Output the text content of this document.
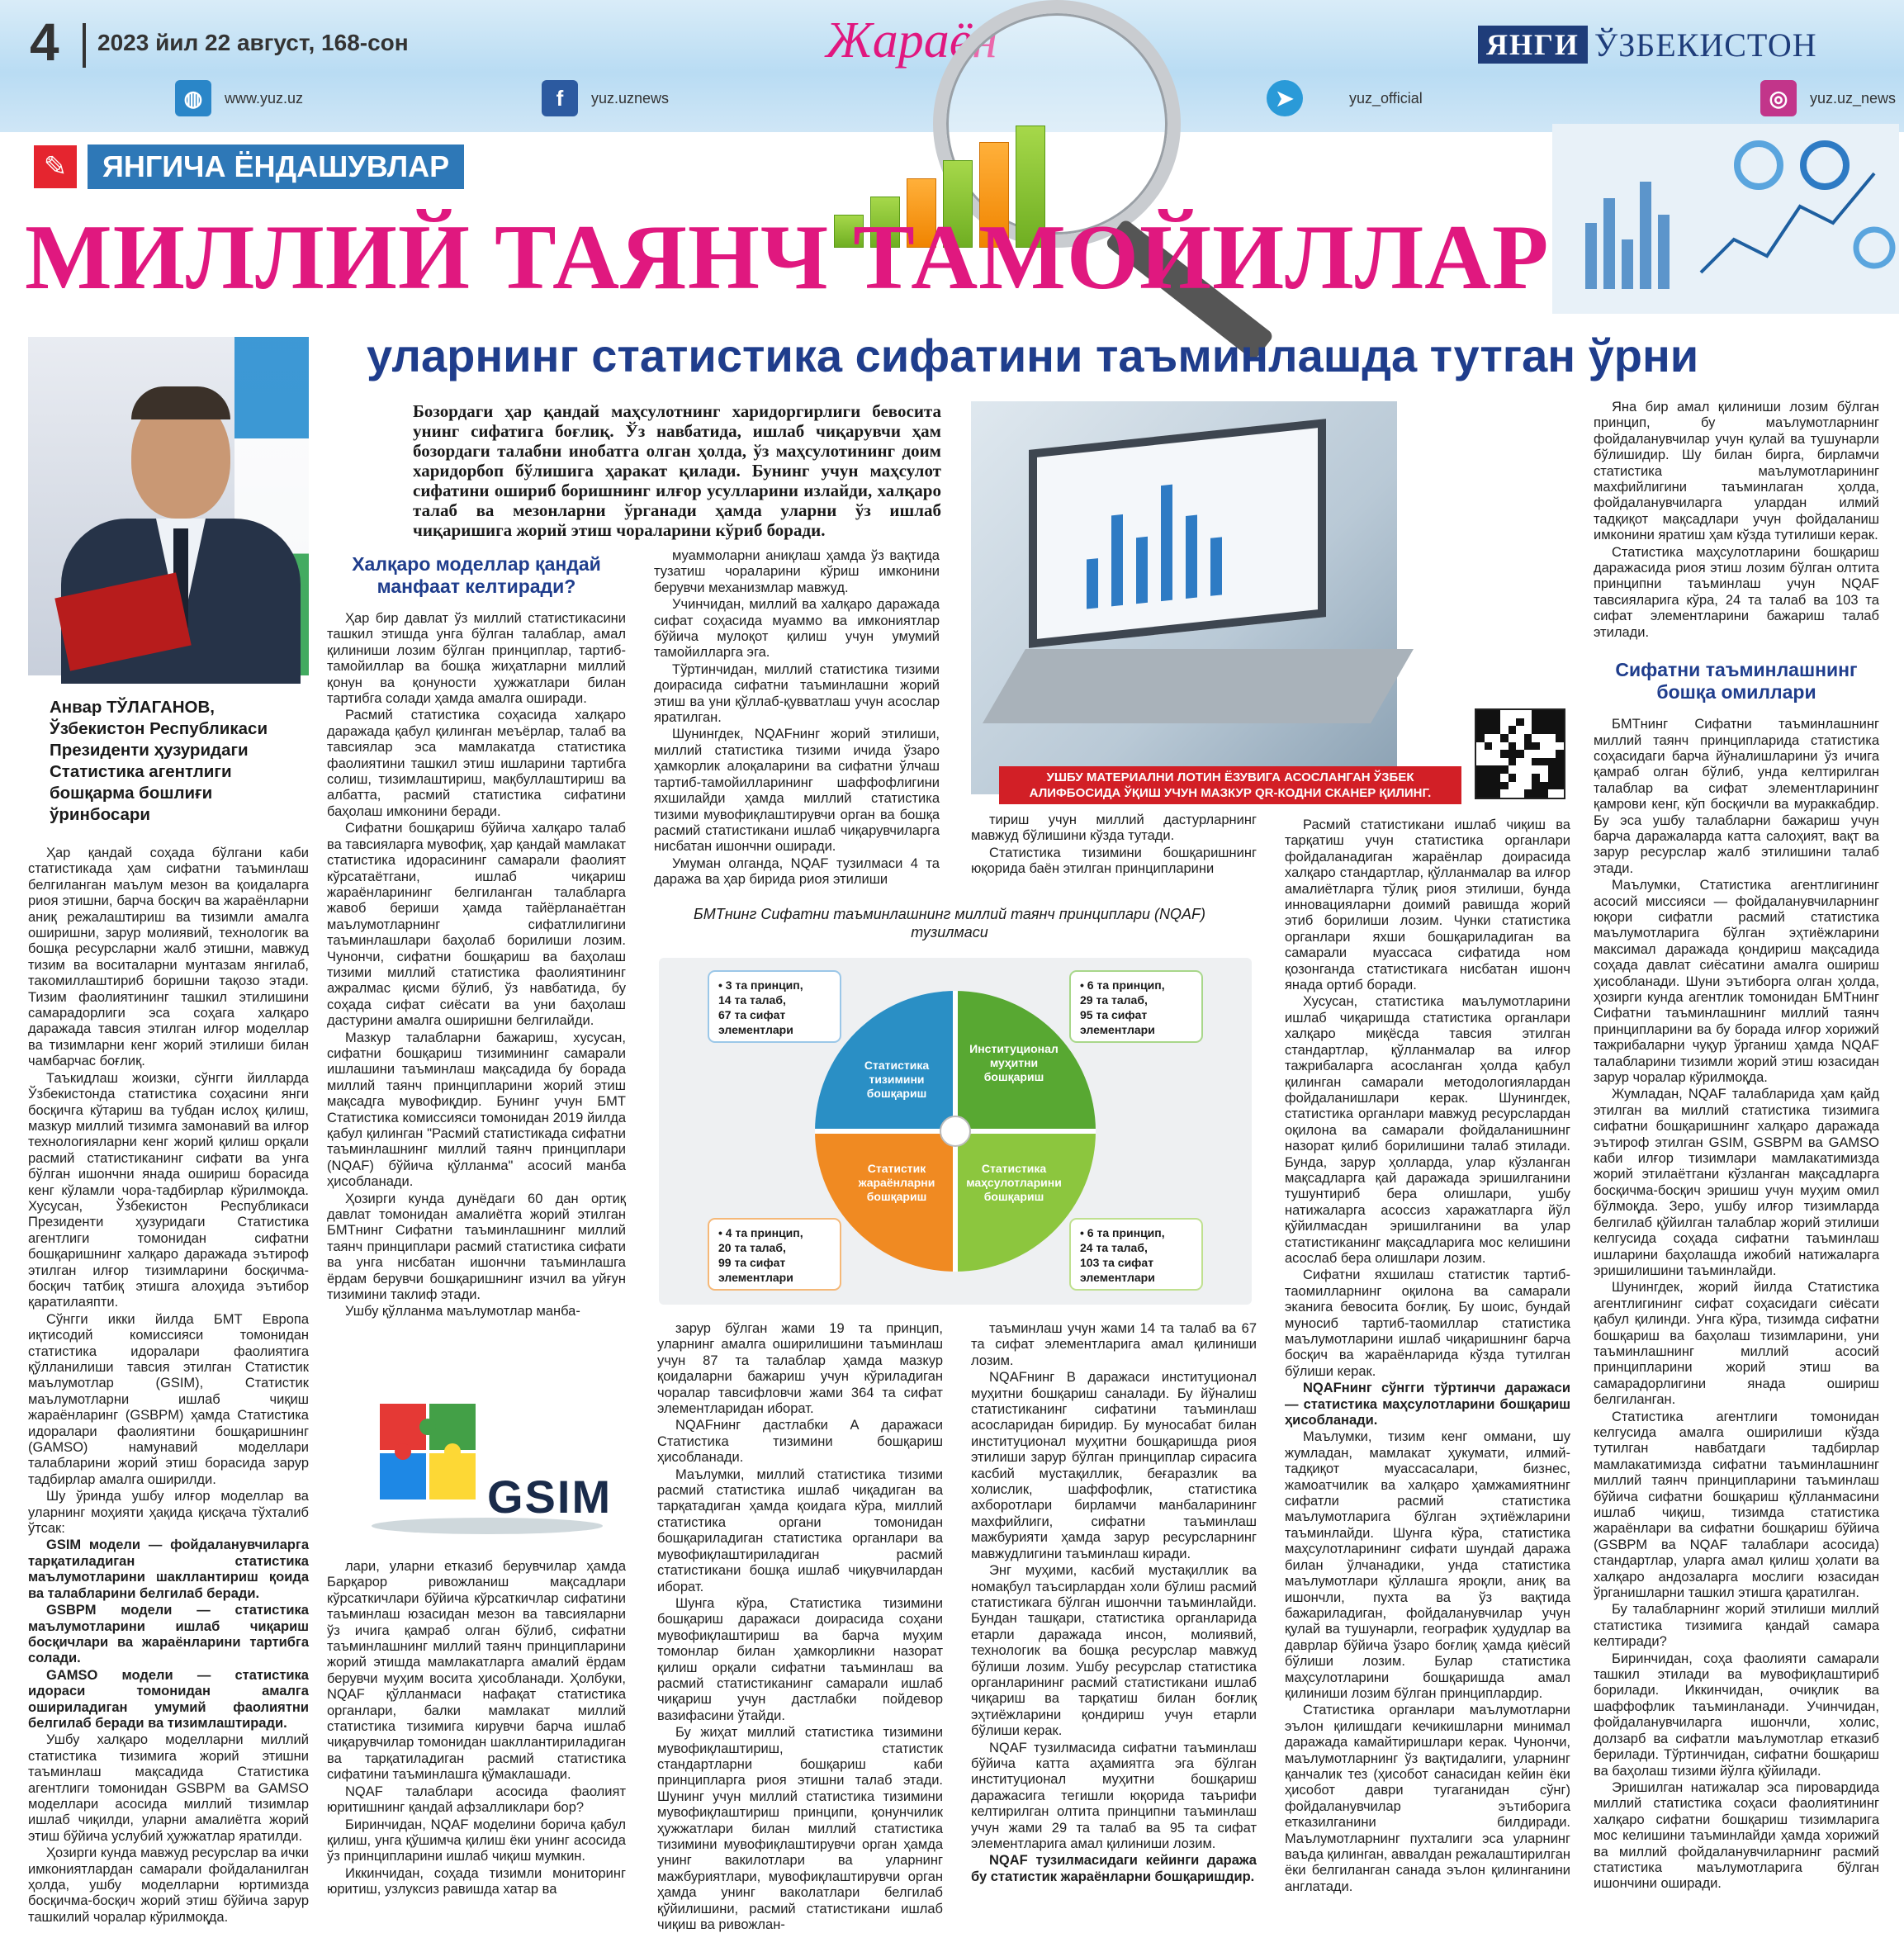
4 2023 йил 22 август, 168-сон	Жараён	ЯНГИ ЎЗБЕКИСТОН
◍	www.yuz.uz	f	yuz.uznews	➤	yuz_official	◎	yuz.uz_news
✎	ЯНГИЧА ЁНДАШУВЛАР
МИЛЛИЙ ТАЯНЧ ТАМОЙИЛЛАР
уларнинг статистика сифатини таъминлашда тутган ўрни
Анвар ТЎЛАГАНОВ, Ўзбекистон Республикаси Президенти ҳузуридаги Статистика агентлиги бошқарма бошлиғи ўринбосари
Бозордаги ҳар қандай маҳсулотнинг харидоргирлиги бевосита унинг сифатига боғлиқ. Ўз навбатида, ишлаб чиқарувчи ҳам бозордаги талабни инобатга олган ҳолда, ўз маҳсулотининг доим харидорбоп бўлишига ҳаракат қилади. Бунинг учун маҳсулот сифатини ошириб боришнинг илғор усулларини излайди, халқаро талаб ва мезонларни ўрганади ҳамда уларни ўз ишлаб чиқаришига жорий этиш чораларини кўриб боради.
УШБУ МАТЕРИАЛНИ ЛОТИН ЁЗУВИГА АСОСЛАНГАН ЎЗБЕК АЛИФБОСИДА ЎҚИШ УЧУН МАЗКУР QR-КОДНИ СКАНЕР ҚИЛИНГ.

Ҳар қандай соҳада бўлгани каби статистикада ҳам сифатни таъминлаш белгиланган маълум мезон ва қоидаларга риоя этишни, барча босқич ва жараёнларни аниқ режалаштириш ва тизимли амалга оширишни, зарур молиявий, технологик ва бошқа ресурсларни жалб этишни, мавжуд тизим ва воситаларни мунтазам янгилаб, такомиллаштириб боришни тақозо этади. Тизим фаолиятининг ташкил этилишини самарадорлиги эса соҳага халқаро даражада тавсия этилган илғор моделлар ва тизимларни кенг жорий этилиши билан чамбарчас боғлиқ.

Таъкидлаш жоизки, сўнгги йилларда Ўзбекистонда статистика соҳасини янги босқичга кўтариш ва тубдан ислоҳ қилиш, мазкур миллий тизимга замонавий ва илғор технологияларни кенг жорий қилиш орқали расмий статистиканинг сифати ва унга бўлган ишончни янада ошириш борасида кенг кўламли чора-тадбирлар кўрилмоқда. Хусусан, Ўзбекистон Республикаси Президенти ҳузуридаги Статистика агентлиги томонидан сифатни бошқаришнинг халқаро даражада эътироф этилган илғор тизимларини босқичма-босқич татбиқ этишга алоҳида эътибор қаратилаяпти.

Сўнгги икки йилда БМТ Европа иқтисодий комиссияси томонидан статистика идоралари фаолиятига қўлланилиши тавсия этилган Статистик маълумотлар (GSIM), Статистик маълумотларни ишлаб чиқиш жараёнларинг (GSBPM) ҳамда Статистика идоралари фаолиятини бошқаришнинг (GAMSO) намунавий моделлари талабларини жорий этиш борасида зарур тадбирлар амалга оширилди.

Шу ўринда ушбу илғор моделлар ва уларнинг моҳияти ҳақида қисқача тўхталиб ўтсак:

GSIM модели — фойдаланувчиларга тарқатиладиган статистика маълумотларини шакллантириш қоида ва талабларини белгилаб беради.

GSBPM модели — статистика маълумотларини ишлаб чиқариш босқичлари ва жараёнларини тартибга солади.

GAMSO модели — статистика идораси томонидан амалга ошириладиган умумий фаолиятни белгилаб беради ва тизимлаштиради.

Ушбу халқаро моделларни миллий статистика тизимига жорий этишни таъминлаш мақсадида Статистика агентлиги томонидан GSBPM ва GAMSO моделлари асосида миллий тизимлар ишлаб чиқилди, уларни амалиётга жорий этиш бўйича услубий ҳужжатлар яратилди.

Ҳозирги кунда мавжуд ресурслар ва ички имкониятлардан самарали фойдаланилган ҳолда, ушбу моделларни юртимизда босқичма-босқич жорий этиш бўйича зарур ташкилий чоралар кўрилмоқда.

Халқаро моделлар қандай манфаат келтиради?

Ҳар бир давлат ўз миллий статистикасини ташкил этишда унга бўлган талаблар, амал қилиниши лозим бўлган принциплар, тартиб-тамойиллар ва бошқа жиҳатларни миллий қонун ва қонуности ҳужжатлари билан тартибга солади ҳамда амалга оширади.

Расмий статистика соҳасида халқаро даражада қабул қилинган меъёрлар, талаб ва тавсиялар эса мамлакатда статистика фаолиятини ташкил этиш ишларини тартибга солиш, тизимлаштириш, мақбуллаштириш ва албатта, расмий статистика сифатини баҳолаш имконини беради.

Сифатни бошқариш бўйича халқаро талаб ва тавсияларга мувофиқ, ҳар қандай мамлакат статистика идорасининг самарали фаолият кўрсатаётгани, ишлаб чиқариш жараёнларининг белгиланган талабларга жавоб бериши ҳамда тайёрланаётган маълумотларнинг сифатлилигини таъминлашлари баҳолаб борилиши лозим. Чунончи, сифатни бошқариш ва баҳолаш тизими миллий статистика фаолиятининг ажралмас қисми бўлиб, ўз навбатида, бу соҳада сифат сиёсати ва уни баҳолаш дастурини амалга оширишни белгилайди.

Мазкур талабларни бажариш, хусусан, сифатни бошқариш тизимининг самарали ишлашини таъминлаш мақсадида бу борада миллий таянч принципларини жорий этиш мақсадга мувофиқдир. Бунинг учун БМТ Статистика комиссияси томонидан 2019 йилда қабул қилинган "Расмий статистикада сифатни таъминлашнинг миллий таянч принциплари (NQAF) бўйича қўлланма" асосий манба ҳисобланади.

Ҳозирги кунда дунёдаги 60 дан ортиқ давлат томонидан амалиётга жорий этилган БМТнинг Сифатни таъминлашнинг миллий таянч принциплари расмий статистика сифати ва унга нисбатан ишончни таъминлашга ёрдам берувчи бошқаришнинг изчил ва уйғун тизимини таклиф этади.

Ушбу қўлланма маълумотлар манба-

GSIM

лари, уларни етказиб берувчилар ҳамда Барқарор ривожланиш мақсадлари кўрсаткичлари бўйича кўрсаткичлар сифатини таъминлаш юзасидан мезон ва тавсияларни ўз ичига қамраб олган бўлиб, сифатни таъминлашнинг миллий таянч принципларини жорий этишда мамлакатларга амалий ёрдам берувчи муҳим восита ҳисобланади. Ҳолбуки, NQAF қўлланмаси нафақат статистика органлари, балки мамлакат миллий статистика тизимига кирувчи барча ишлаб чиқарувчилар томонидан шакллантириладиган ва тарқатиладиган расмий статистика сифатини таъминлашга қўмаклашади.

NQAF талаблари асосида фаолият юритишнинг қандай афзалликлари бор?

Биринчидан, NQAF моделини борича қабул қилиш, унга қўшимча қилиш ёки унинг асосида ўз принципларини ишлаб чиқиш мумкин.

Иккинчидан, соҳада тизимли мониторинг юритиш, узлуксиз равишда хатар ва

муаммоларни аниқлаш ҳамда ўз вақтида тузатиш чораларини кўриш имконини берувчи механизмлар мавжуд.

Учинчидан, миллий ва халқаро даражада сифат соҳасида муаммо ва имкониятлар бўйича мулоқот қилиш учун умумий тамойилларга эга.

Тўртинчидан, миллий статистика тизими доирасида сифатни таъминлашни жорий этиш ва уни қўллаб-қувватлаш учун асослар яратилган.

Шунингдек, NQAFнинг жорий этилиши, миллий статистика тизими ичида ўзаро ҳамкорлик алоқаларини ва сифатни ўлчаш тартиб-тамойилларининг шаффофлигини яхшилайди ҳамда миллий статистика тизими мувофиқлаштирувчи орган ва бошқа расмий статистикани ишлаб чиқарувчиларга нисбатан ишончни оширади.

Умуман олганда, NQAF тузилмаси 4 та даража ва ҳар бирида риоя этилиши

тириш учун миллий дастурларнинг мавжуд бўлишини кўзда тутади.

Статистика тизимини бошқаришнинг юқорида баён этилган принципларини

БМТнинг Сифатни таъминлашнинг миллий таянч принциплари (NQAF) тузилмаси
Статистика тизимини бошқариш
Институционал муҳитни бошқариш
Статистик жараёнларни бошқариш
Статистика маҳсулотларини бошқариш
• 3 та принцип, 14 та талаб, 67 та сифат элементлари
• 6 та принцип, 29 та талаб, 95 та сифат элементлари
• 4 та принцип, 20 та талаб, 99 та сифат элементлари
• 6 та принцип, 24 та талаб, 103 та сифат элементлари

зарур бўлган жами 19 та принцип, уларнинг амалга оширилишини таъминлаш учун 87 та талаблар ҳамда мазкур қоидаларни бажариш учун кўриладиган чоралар тавсифловчи жами 364 та сифат элементларидан иборат.

NQAFнинг дастлабки А даражаси Статистика тизимини бошқариш ҳисобланади.

Маълумки, миллий статистика тизими расмий статистика ишлаб чиқадиган ва тарқатадиган ҳамда қоидага кўра, миллий статистика органи томонидан бошқариладиган статистика органлари ва мувофиқлаштириладиган расмий статистикани бошқа ишлаб чиқувчилардан иборат.

Шунга кўра, Статистика тизимини бошқариш даражаси доирасида соҳани мувофиқлаштириш ва барча муҳим томонлар билан ҳамкорликни назорат қилиш орқали сифатни таъминлаш ва расмий статистиканинг самарали ишлаб чиқариш учун дастлабки пойдевор вазифасини ўтайди.

Бу жиҳат миллий статистика тизимини мувофиқлаштириш, статистик стандартларни бошқариш каби принципларга риоя этишни талаб этади. Шунинг учун миллий статистика тизимини мувофиқлаштириш принципи, қонунчилик ҳужжатлари билан миллий статистика тизимини мувофиқлаштирувчи орган ҳамда унинг вакилотлари ва уларнинг мажбуриятлари, мувофиқлаштирувчи орган ҳамда унинг ваколатлари белгилаб қўйилишини, расмий статистикани ишлаб чиқиш ва ривожлан-

таъминлаш учун жами 14 та талаб ва 67 та сифат элементларига амал қилиниши лозим.

NQAFнинг В даражаси институционал муҳитни бошқариш саналади. Бу йўналиш статистиканинг сифатини таъминлаш асосларидан биридир. Бу муносабат билан институционал муҳитни бошқаришда риоя этилиши зарур бўлган принциплар сирасига касбий мустақиллик, беғаразлик ва холислик, шаффофлик, статистика ахборотлари бирламчи манбаларининг махфийлиги, сифатни таъминлаш мажбурияти ҳамда зарур ресурсларнинг мавжудлигини таъминлаш киради.

Энг муҳими, касбий мустақиллик ва номақбул таъсирлардан холи бўлиш расмий статистикага бўлган ишончни таъминлайди. Бундан ташқари, статистика органларида етарли даражада инсон, молиявий, технологик ва бошқа ресурслар мавжуд бўлиши лозим. Ушбу ресурслар статистика органларининг расмий статистикани ишлаб чиқариш ва тарқатиш билан боғлиқ эҳтиёжларини қондириш учун етарли бўлиши керак.

NQAF тузилмасида сифатни таъминлаш бўйича катта аҳамиятга эга бўлган институционал муҳитни бошқариш даражасига тегишли юқорида таърифи келтирилган олтита принципни таъминлаш учун жами 29 та талаб ва 95 та сифат элементларига амал қилиниши лозим.

NQAF тузилмасидаги кейинги даража бу статистик жараёнларни бошқаришдир.

Расмий статистикани ишлаб чиқиш ва тарқатиш учун статистика органлари фойдаланадиган жараёнлар доирасида халқаро стандартлар, қўлланмалар ва илғор амалиётларга тўлиқ риоя этилиши, бунда инновацияларни доимий равишда жорий этиб борилиши лозим. Чунки статистика органлари яхши бошқариладиган ва самарали муассаса сифатида ном қозонганда статистикага нисбатан ишонч янада ортиб боради.

Хусусан, статистика маълумотларини ишлаб чиқаришда статистика органлари халқаро миқёсда тавсия этилган стандартлар, қўлланмалар ва илғор тажрибаларга асосланган ҳолда қабул қилинган самарали методологиялардан фойдаланишлари керак. Шунингдек, статистика органлари мавжуд ресурслардан оқилона ва самарали фойдаланишнинг назорат қилиб борилишини талаб этилади. Бунда, зарур ҳолларда, улар кўзланган мақсадларга қай даражада эришилганини тушунтириб бера олишлари, ушбу натижаларга асоссиз харажатларга йўл қўйилмасдан эришилганини ва улар статистиканинг мақсадларига мос келишини асослаб бера олишлари лозим.

Сифатни яхшилаш статистик тартиб-таомилларнинг оқилона ва самарали эканига бевосита боғлиқ. Бу шоис, бундай муносиб тартиб-таомиллар статистика маълумотларини ишлаб чиқаришнинг барча босқич ва жараёнларида кўзда тутилган бўлиши керак.

NQAFнинг сўнгги тўртинчи даражаси — статистика маҳсулотларини бошқариш ҳисобланади.

Маълумки, тизим кенг оммани, шу жумладан, мамлакат ҳукумати, илмий-тадқиқот муассасалари, бизнес, жамоатчилик ва халқаро ҳамжамиятнинг сифатли расмий статистика маълумотларига бўлган эҳтиёжларини таъминлайди. Шунга кўра, статистика маҳсулотларининг сифати шундай даража билан ўлчанадики, унда статистика маълумотлари қўллашга яроқли, аниқ ва ишончли, пухта ва ўз вақтида бажариладиган, фойдаланувчилар учун қулай ва тушунарли, географик ҳудудлар ва даврлар бўйича ўзаро боғлиқ ҳамда қиёсий бўлиши лозим. Булар статистика маҳсулотларини бошқаришда амал қилиниши лозим бўлган принциплардир.

Статистика органлари маълумотларни эълон қилишдаги кечикишларни минимал даражада камайтиришлари керак. Чунончи, маълумотларнинг ўз вақтидалиги, уларнинг қанчалик тез (ҳисобот санасидан кейин ёки ҳисобот даври тугаганидан сўнг) фойдаланувчилар эътиборига етказилганини билдиради. Маълумотларнинг пухталиги эса уларнинг ваъда қилинган, аввалдан режалаштирилган ёки белгиланган санада эълон қилинганини англатади.

Яна бир амал қилиниши лозим бўлган принцип, бу маълумотларнинг фойдаланувчилар учун қулай ва тушунарли бўлишидир. Шу билан бирга, бирламчи статистика маълумотларининг махфийлигини таъминлаган ҳолда, фойдаланувчиларга улардан илмий тадқиқот мақсадлари учун фойдаланиш имконини яратиш ҳам кўзда тутилиши керак.

Статистика маҳсулотларини бошқариш даражасида риоя этиш лозим бўлган олтита принципни таъминлаш учун NQAF тавсияларига кўра, 24 та талаб ва 103 та сифат элементларини бажариш талаб этилади.

Сифатни таъминлашнинг бошқа омиллари

БМТнинг Сифатни таъминлашнинг миллий таянч принципларида статистика соҳасидаги барча йўналишларини ўз ичига қамраб олган бўлиб, унда келтирилган талаблар ва сифат элементларининг қамрови кенг, кўп босқичли ва мураккабдир. Бу эса ушбу талабларни бажариш учун барча даражаларда катта салоҳият, вақт ва зарур ресурслар жалб этилишини талаб этади.

Маълумки, Статистика агентлигининг асосий миссияси — фойдаланувчиларнинг юқори сифатли расмий статистика маълумотларига бўлган эҳтиёжларини максимал даражада қондириш мақсадида соҳада давлат сиёсатини амалга ошириш ҳисобланади. Шуни эътиборга олган ҳолда, ҳозирги кунда агентлик томонидан БМТнинг Сифатни таъминлашнинг миллий таянч принципларини ва бу борада илғор хорижий тажрибаларни чуқур ўрганиш ҳамда NQAF талабларини тизимли жорий этиш юзасидан зарур чоралар кўрилмоқда.

Жумладан, NQAF талабларида ҳам қайд этилган ва миллий статистика тизимига сифатни бошқаришнинг халқаро даражада эътироф этилган GSIM, GSBPM ва GAMSO каби илғор тизимлари мамлакатимизда жорий этилаётгани кўзланган мақсадларга босқичма-босқич эришиш учун муҳим омил бўлмоқда. Зеро, ушбу илғор тизимларда белгилаб қўйилган талаблар жорий этилиши келгусида соҳада сифатни таъминлаш ишларини баҳолашда ижобий натижаларга эришилишини таъминлайди.

Шунингдек, жорий йилда Статистика агентлигининг сифат соҳасидаги сиёсати қабул қилинди. Унга кўра, тизимда сифатни бошқариш ва баҳолаш тизимларини, уни таъминлашнинг миллий асосий принципларини жорий этиш ва самарадорлигини янада ошириш белгиланган.

Статистика агентлиги томонидан келгусида амалга оширилиши кўзда тутилган навбатдаги тадбирлар мамлакатимизда сифатни таъминлашнинг миллий таянч принципларини таъминлаш бўйича сифатни бошқариш қўлланмасини ишлаб чиқиш, тизимда статистика жараёнлари ва сифатни бошқариш бўйича (GSBPM ва NQAF талаблари асосида) стандартлар, уларга амал қилиш ҳолати ва халқаро андозаларга мослиги юзасидан ўрганишларни ташкил этишга қаратилган.

Бу талабларнинг жорий этилиши миллий статистика тизимига қандай самара келтиради?

Биринчидан, соҳа фаолияти самарали ташкил этилади ва мувофиқлаштириб борилади. Иккинчидан, очиқлик ва шаффофлик таъминланади. Учинчидан, фойдаланувчиларга ишончли, холис, долзарб ва сифатли маълумотлар етказиб берилади. Тўртинчидан, сифатни бошқариш ва баҳолаш тизими йўлга қўйилади.

Эришилган натижалар эса пировардида миллий статистика соҳаси фаолиятининг халқаро сифатни бошқариш тизимларига мос келишини таъминлайди ҳамда хорижий ва миллий фойдаланувчиларнинг расмий статистика маълумотларига бўлган ишончини оширади.
